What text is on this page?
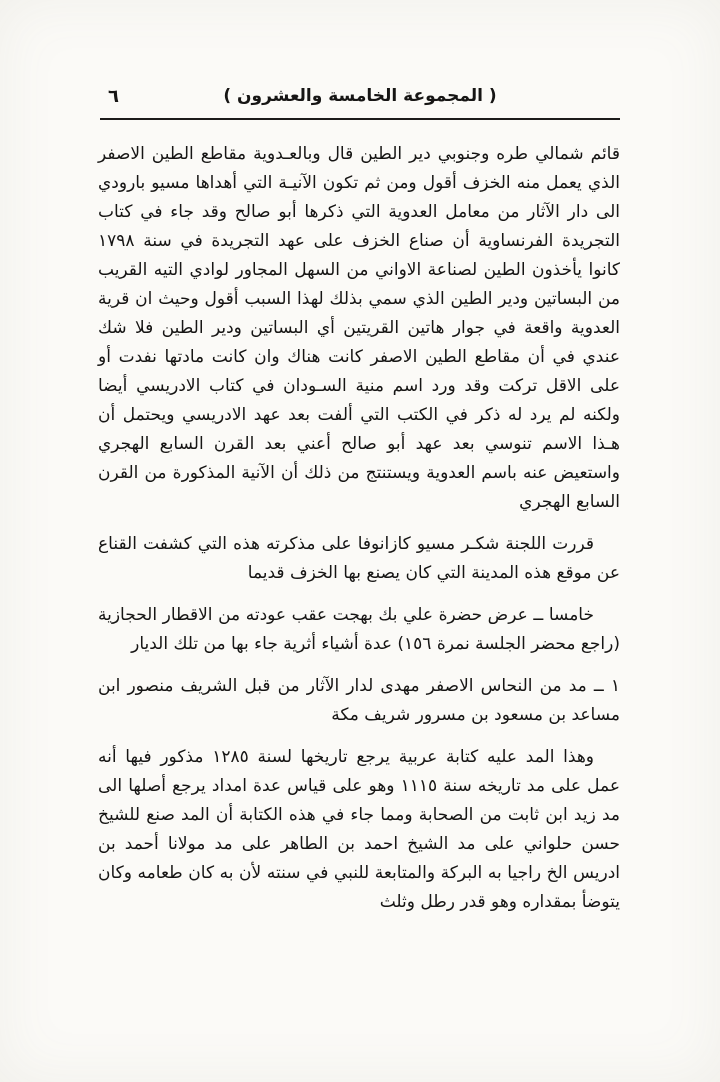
٦	( المجموعة الخامسة والعشرون )

قائم شمالي طره وجنوبي دير الطين قال وبالعـدوية مقاطع الطين الاصفر الذي يعمل منه الخزف أقول ومن ثم تكون الآنيـة التي أهداها مسيو بارودي الى دار الآثار من معامل العدوية التي ذكرها أبو صالح وقد جاء في كتاب التجريدة الفرنساوية أن صناع الخزف على عهد التجريدة في سنة ١٧٩٨ كانوا يأخذون الطين لصناعة الاواني من السهل المجاور لوادي التيه القريب من البساتين ودير الطين الذي سمي بذلك لهذا السبب أقول وحيث ان قرية العدوية واقعة في جوار هاتين القريتين أي البساتين ودير الطين فلا شك عندي في أن مقاطع الطين الاصفر كانت هناك وان كانت مادتها نفدت أو على الاقل تركت وقد ورد اسم منية السـودان في كتاب الادريسي أيضا ولكنه لم يرد له ذكر في الكتب التي ألفت بعد عهد الادريسي ويحتمل أن هـذا الاسم تنوسي بعد عهد أبو صالح أعني بعد القرن السابع الهجري واستعيض عنه باسم العدوية ويستنتج من ذلك أن الآنية المذكورة من القرن السابع الهجري

قررت اللجنة شكـر مسيو كازانوفا على مذكرته هذه التي كشفت القناع عن موقع هذه المدينة التي كان يصنع بها الخزف قديما

خامسا ــ عرض حضرة علي بك بهجت عقب عودته من الاقطار الحجازية (راجع محضر الجلسة نمرة ١٥٦) عدة أشياء أثرية جاء بها من تلك الديار

١ ــ مد من النحاس الاصفر مهدى لدار الآثار من قبل الشريف منصور ابن مساعد بن مسعود بن مسرور شريف مكة

وهذا المد عليه كتابة عربية يرجع تاريخها لسنة ١٢٨٥ مذكور فيها أنه عمل على مد تاريخه سنة ١١١٥ وهو على قياس عدة امداد يرجع أصلها الى مد زيد ابن ثابت من الصحابة ومما جاء في هذه الكتابة أن المد صنع للشيخ حسن حلواني على مد الشيخ احمد بن الطاهر على مد مولانا أحمد بن ادريس الخ راجيا به البركة والمتابعة للنبي في سنته لأن به كان طعامه وكان يتوضأ بمقداره وهو قدر رطل وثلث
